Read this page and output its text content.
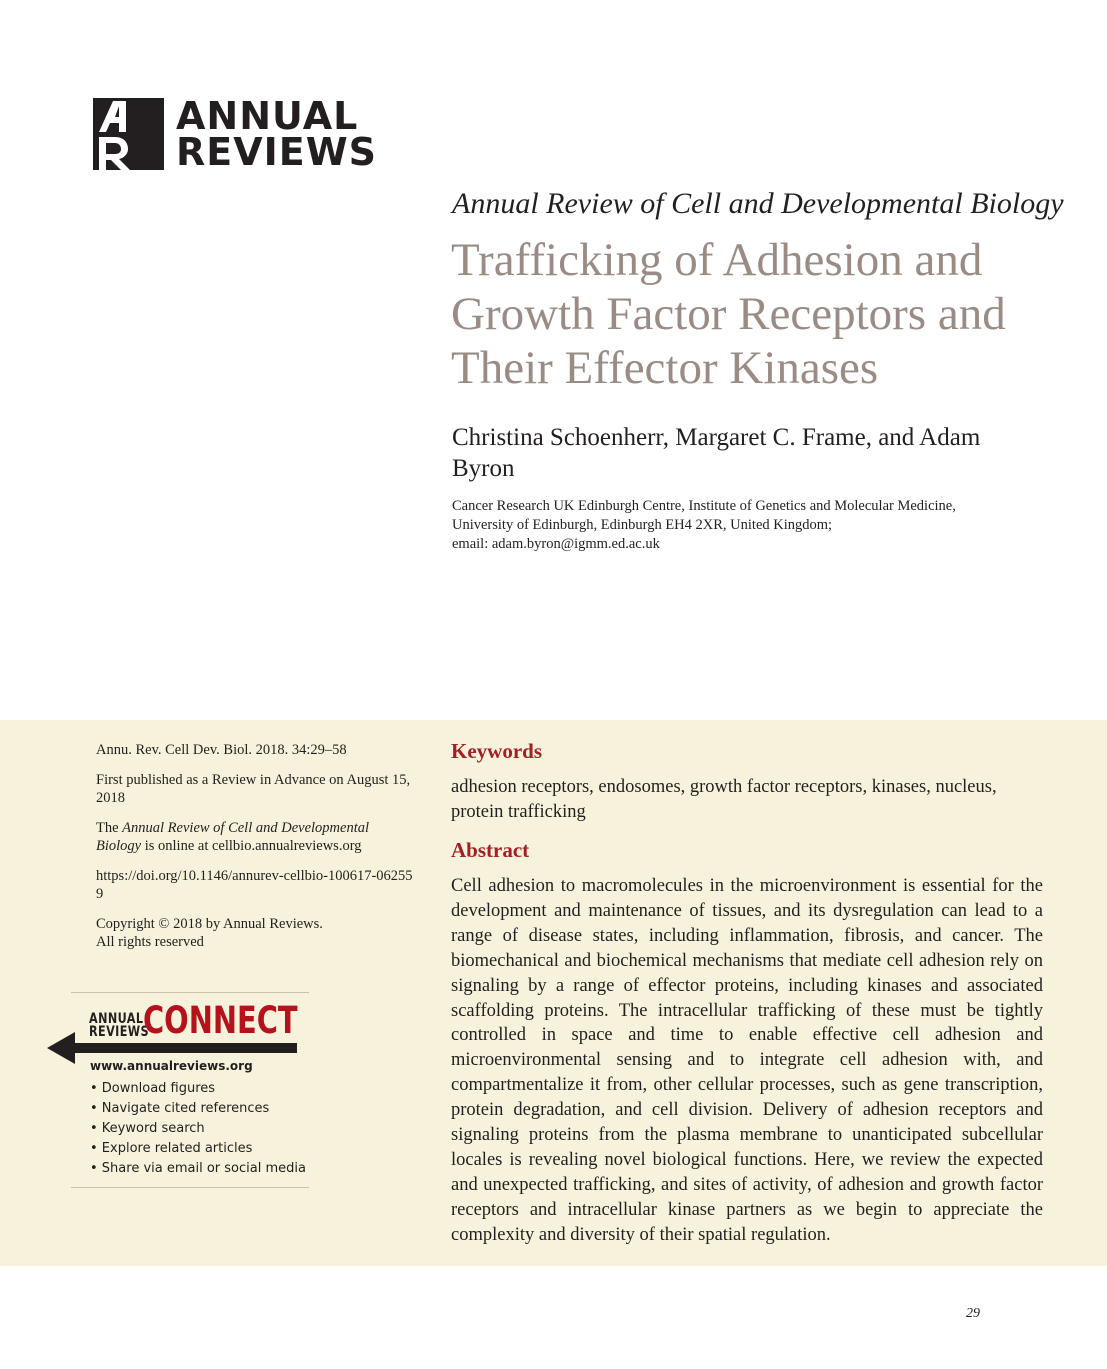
ANNUAL
REVIEWS
Annual Review of Cell and Developmental Biology
Trafficking of Adhesion and Growth Factor Receptors and Their Effector Kinases
Christina Schoenherr, Margaret C. Frame, and Adam Byron
Cancer Research UK Edinburgh Centre, Institute of Genetics and Molecular Medicine,
University of Edinburgh, Edinburgh EH4 2XR, United Kingdom;
email: adam.byron@igmm.ed.ac.uk

Annu. Rev. Cell Dev. Biol. 2018. 34:29–58

First published as a Review in Advance on August 15, 2018

The Annual Review of Cell and Developmental Biology is online at cellbio.annualreviews.org

https://doi.org/10.1146/annurev-cellbio-100617-062559

Copyright © 2018 by Annual Reviews.
All rights reserved

ANNUAL
REVIEWS
CONNECT
www.annualreviews.org
• Download figures
• Navigate cited references
• Keyword search
• Explore related articles
• Share via email or social media
Keywords
adhesion receptors, endosomes, growth factor receptors, kinases, nucleus, protein trafficking
Abstract

Cell adhesion to macromolecules in the microenvironment is essential for the development and maintenance of tissues, and its dysregulation can lead to a range of disease states, including inflammation, fibrosis, and cancer. The biomechanical and biochemical mechanisms that mediate cell adhesion rely on signaling by a range of effector proteins, including kinases and associated scaffolding proteins. The intracellular trafficking of these must be tightly controlled in space and time to enable effective cell adhesion and microenvironmental sensing and to integrate cell adhesion with, and compartmentalize it from, other cellular processes, such as gene transcription, protein degradation, and cell division. Delivery of adhesion receptors and signaling proteins from the plasma membrane to unanticipated subcellular locales is revealing novel biological functions. Here, we review the expected and unexpected trafficking, and sites of activity, of adhesion and growth factor receptors and intracellular kinase partners as we begin to appreciate the complexity and diversity of their spatial regulation.

29
